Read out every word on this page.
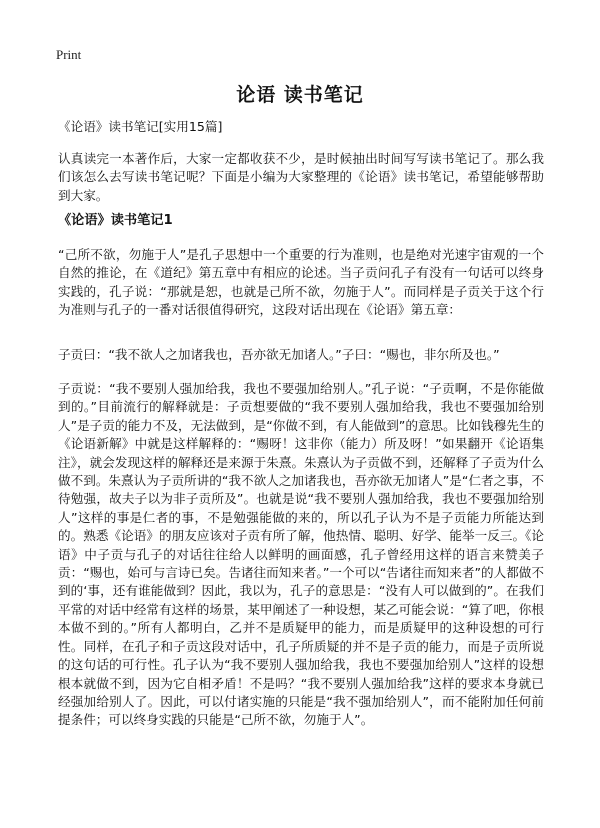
Print
论语 读书笔记

《论语》读书笔记[实用15篇]

认真读完一本著作后，大家一定都收获不少，是时候抽出时间写写读书笔记了。那么我们该怎么去写读书笔记呢？下面是小编为大家整理的《论语》读书笔记，希望能够帮助到大家。

《论语》读书笔记1

“己所不欲，勿施于人”是孔子思想中一个重要的行为准则，也是绝对光速宇宙观的一个自然的推论，在《道纪》第五章中有相应的论述。当子贡问孔子有没有一句话可以终身实践的，孔子说：“那就是恕，也就是己所不欲，勿施于人”。而同样是子贡关于这个行为准则与孔子的一番对话很值得研究，这段对话出现在《论语》第五章：

子贡曰：“我不欲人之加诸我也，吾亦欲无加诸人。”子曰：“赐也，非尔所及也。”

子贡说：“我不要别人强加给我，我也不要强加给别人。”孔子说：“子贡啊，不是你能做到的。”目前流行的解释就是：子贡想要做的“我不要别人强加给我，我也不要强加给别人”是子贡的能力不及，无法做到，是“你做不到，有人能做到”的意思。比如钱穆先生的《论语新解》中就是这样解释的：“赐呀！这非你（能力）所及呀！”如果翻开《论语集注》，就会发现这样的解释还是来源于朱熹。朱熹认为子贡做不到，还解释了子贡为什么做不到。朱熹认为子贡所讲的“我不欲人之加诸我也，吾亦欲无加诸人”是“仁者之事，不待勉强，故夫子以为非子贡所及”。也就是说“我不要别人强加给我，我也不要强加给别人”这样的事是仁者的事，不是勉强能做的来的，所以孔子认为不是子贡能力所能达到的。熟悉《论语》的朋友应该对子贡有所了解，他热情、聪明、好学、能举一反三。《论语》中子贡与孔子的对话往往给人以鲜明的画面感，孔子曾经用这样的语言来赞美子贡：“赐也，始可与言诗已矣。告诸往而知来者。”一个可以“告诸往而知来者”的人都做不到的‘事，还有谁能做到？因此，我以为，孔子的意思是：“没有人可以做到的”。在我们平常的对话中经常有这样的场景，某甲阐述了一种设想，某乙可能会说：“算了吧，你根本做不到的。”所有人都明白，乙并不是质疑甲的能力，而是质疑甲的这种设想的可行性。同样，在孔子和子贡这段对话中，孔子所质疑的并不是子贡的能力，而是子贡所说的这句话的可行性。孔子认为“我不要别人强加给我，我也不要强加给别人”这样的设想根本就做不到，因为它自相矛盾！不是吗？“我不要别人强加给我”这样的要求本身就已经强加给别人了。因此，可以付诸实施的只能是“我不强加给别人”，而不能附加任何前提条件；可以终身实践的只能是“己所不欲，勿施于人”。
